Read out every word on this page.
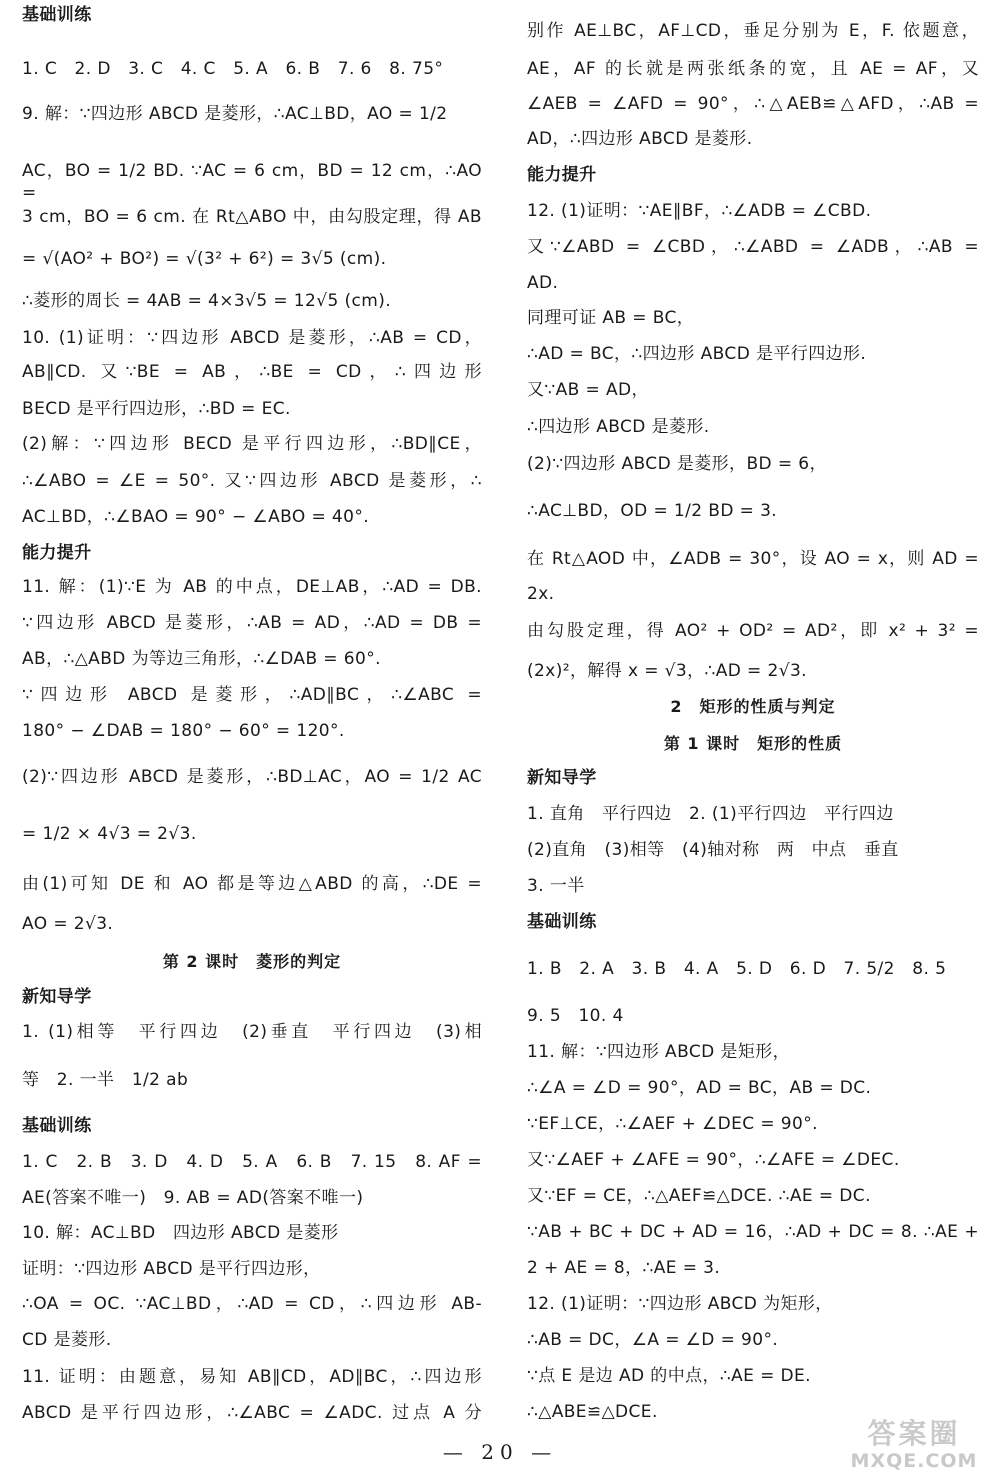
基础训练
1. C　2. D　3. C　4. C　5. A　6. B　7. 6　8. 75°
9. 解：∵四边形 ABCD 是菱形，∴AC⊥BD，AO = 1/2
AC，BO = 1/2 BD. ∵AC = 6 cm，BD = 12 cm，∴AO =
3 cm，BO = 6 cm. 在 Rt△ABO 中，由勾股定理，得 AB
= √(AO² + BO²) = √(3² + 6²) = 3√5 (cm).
∴菱形的周长 = 4AB = 4×3√5 = 12√5 (cm).
10. (1)证明：∵四边形 ABCD 是菱形，∴AB = CD，
AB∥CD. 又∵BE = AB，∴BE = CD，∴四边形
BECD 是平行四边形，∴BD = EC.
(2)解：∵四边形 BECD 是平行四边形，∴BD∥CE，
∴∠ABO = ∠E = 50°. 又∵四边形 ABCD 是菱形，∴
AC⊥BD，∴∠BAO = 90° − ∠ABO = 40°.
能力提升
11. 解：(1)∵E 为 AB 的中点，DE⊥AB，∴AD = DB.
∵四边形 ABCD 是菱形，∴AB = AD，∴AD = DB =
AB，∴△ABD 为等边三角形，∴∠DAB = 60°.
∵四边形 ABCD 是菱形，∴AD∥BC，∴∠ABC =
180° − ∠DAB = 180° − 60° = 120°.
(2)∵四边形 ABCD 是菱形，∴BD⊥AC，AO = 1/2 AC
= 1/2 × 4√3 = 2√3.
由(1)可知 DE 和 AO 都是等边△ABD 的高，∴DE =
AO = 2√3.
第 2 课时　菱形的判定
新知导学
1. (1)相等　平行四边　(2)垂直　平行四边　(3)相
等　2. 一半　1/2 ab
基础训练
1. C　2. B　3. D　4. D　5. A　6. B　7. 15　8. AF =
AE(答案不唯一)　9. AB = AD(答案不唯一)
10. 解：AC⊥BD　四边形 ABCD 是菱形
证明：∵四边形 ABCD 是平行四边形，
∴OA = OC. ∵AC⊥BD，∴AD = CD，∴四边形 AB-
CD 是菱形.
11. 证明：由题意，易知 AB∥CD，AD∥BC，∴四边形
ABCD 是平行四边形，∴∠ABC = ∠ADC. 过点 A 分
别作 AE⊥BC，AF⊥CD，垂足分别为 E，F. 依题意，
AE，AF 的长就是两张纸条的宽，且 AE = AF，又
∠AEB = ∠AFD = 90°，∴△AEB≌△AFD，∴AB =
AD，∴四边形 ABCD 是菱形.
能力提升
12. (1)证明：∵AE∥BF，∴∠ADB = ∠CBD.
又∵∠ABD = ∠CBD，∴∠ABD = ∠ADB，∴AB =
AD.
同理可证 AB = BC，
∴AD = BC，∴四边形 ABCD 是平行四边形.
又∵AB = AD，
∴四边形 ABCD 是菱形.
(2)∵四边形 ABCD 是菱形，BD = 6，
∴AC⊥BD，OD = 1/2 BD = 3.
在 Rt△AOD 中，∠ADB = 30°，设 AO = x，则 AD =
2x.
由勾股定理，得 AO² + OD² = AD²，即 x² + 3² =
(2x)²，解得 x = √3，∴AD = 2√3.
2　矩形的性质与判定
第 1 课时　矩形的性质
新知导学
1. 直角　平行四边　2. (1)平行四边　平行四边
(2)直角　(3)相等　(4)轴对称　两　中点　垂直
3. 一半
基础训练
1. B　2. A　3. B　4. A　5. D　6. D　7. 5/2　8. 5
9. 5　10. 4
11. 解：∵四边形 ABCD 是矩形，
∴∠A = ∠D = 90°，AD = BC，AB = DC.
∵EF⊥CE，∴∠AEF + ∠DEC = 90°.
又∵∠AEF + ∠AFE = 90°，∴∠AFE = ∠DEC.
又∵EF = CE，∴△AEF≌△DCE. ∴AE = DC.
∵AB + BC + DC + AD = 16，∴AD + DC = 8. ∴AE +
2 + AE = 8，∴AE = 3.
12. (1)证明：∵四边形 ABCD 为矩形，
∴AB = DC，∠A = ∠D = 90°.
∵点 E 是边 AD 的中点，∴AE = DE.
∴△ABE≌△DCE.
— 20 —
答案圈
MXQE.COM
